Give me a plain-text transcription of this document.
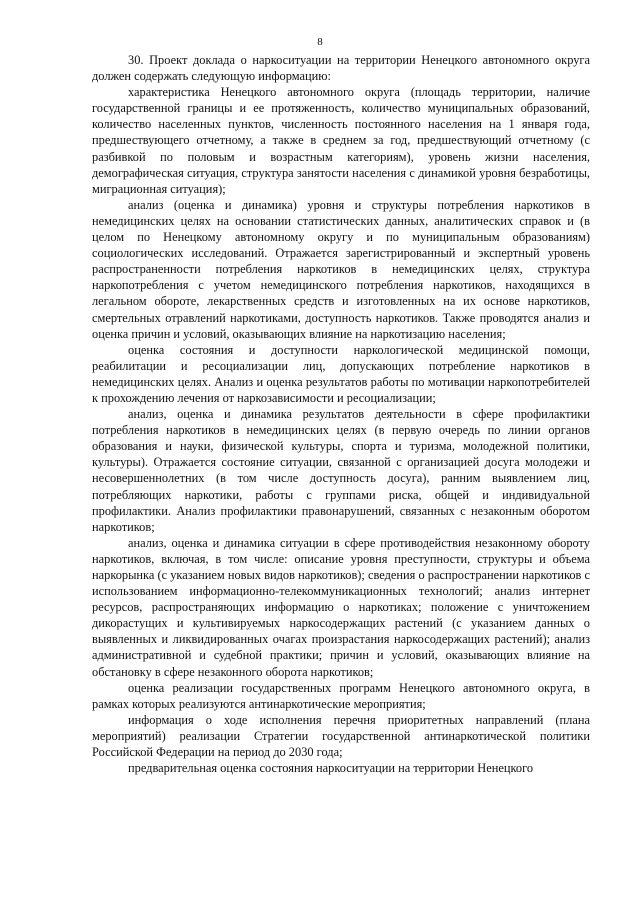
8

30. Проект доклада о наркоситуации на территории Ненецкого автономного округа должен содержать следующую информацию:

характеристика Ненецкого автономного округа (площадь территории, наличие государственной границы и ее протяженность, количество муниципальных образований, количество населенных пунктов, численность постоянного населения на 1 января года, предшествующего отчетному, а также в среднем за год, предшествующий отчетному (с разбивкой по половым и возрастным категориям), уровень жизни населения, демографическая ситуация, структура занятости населения с динамикой уровня безработицы, миграционная ситуация);

анализ (оценка и динамика) уровня и структуры потребления наркотиков в немедицинских целях на основании статистических данных, аналитических справок и (в целом по Ненецкому автономному округу и по муниципальным образованиям) социологических исследований. Отражается зарегистрированный и экспертный уровень распространенности потребления наркотиков в немедицинских целях, структура наркопотребления с учетом немедицинского потребления наркотиков, находящихся в легальном обороте, лекарственных средств и изготовленных на их основе наркотиков, смертельных отравлений наркотиками, доступность наркотиков. Также проводятся анализ и оценка причин и условий, оказывающих влияние на наркотизацию населения;

оценка состояния и доступности наркологической медицинской помощи, реабилитации и ресоциализации лиц, допускающих потребление наркотиков в немедицинских целях. Анализ и оценка результатов работы по мотивации наркопотребителей к прохождению лечения от наркозависимости и ресоциализации;

анализ, оценка и динамика результатов деятельности в сфере профилактики потребления наркотиков в немедицинских целях (в первую очередь по линии органов образования и науки, физической культуры, спорта и туризма, молодежной политики, культуры). Отражается состояние ситуации, связанной с организацией досуга молодежи и несовершеннолетних (в том числе доступность досуга), ранним выявлением лиц, потребляющих наркотики, работы с группами риска, общей и индивидуальной профилактики. Анализ профилактики правонарушений, связанных с незаконным оборотом наркотиков;

анализ, оценка и динамика ситуации в сфере противодействия незаконному обороту наркотиков, включая, в том числе: описание уровня преступности, структуры и объема наркорынка (с указанием новых видов наркотиков); сведения о распространении наркотиков с использованием информационно-телекоммуникационных технологий; анализ интернет ресурсов, распространяющих информацию о наркотиках; положение с уничтожением дикорастущих и культивируемых наркосодержащих растений (с указанием данных о выявленных и ликвидированных очагах произрастания наркосодержащих растений); анализ административной и судебной практики; причин и условий, оказывающих влияние на обстановку в сфере незаконного оборота наркотиков;

оценка реализации государственных программ Ненецкого автономного округа, в рамках которых реализуются антинаркотические мероприятия;

информация о ходе исполнения перечня приоритетных направлений (плана мероприятий) реализации Стратегии государственной антинаркотической политики Российской Федерации на период до 2030 года;

предварительная оценка состояния наркоситуации на территории Ненецкого
